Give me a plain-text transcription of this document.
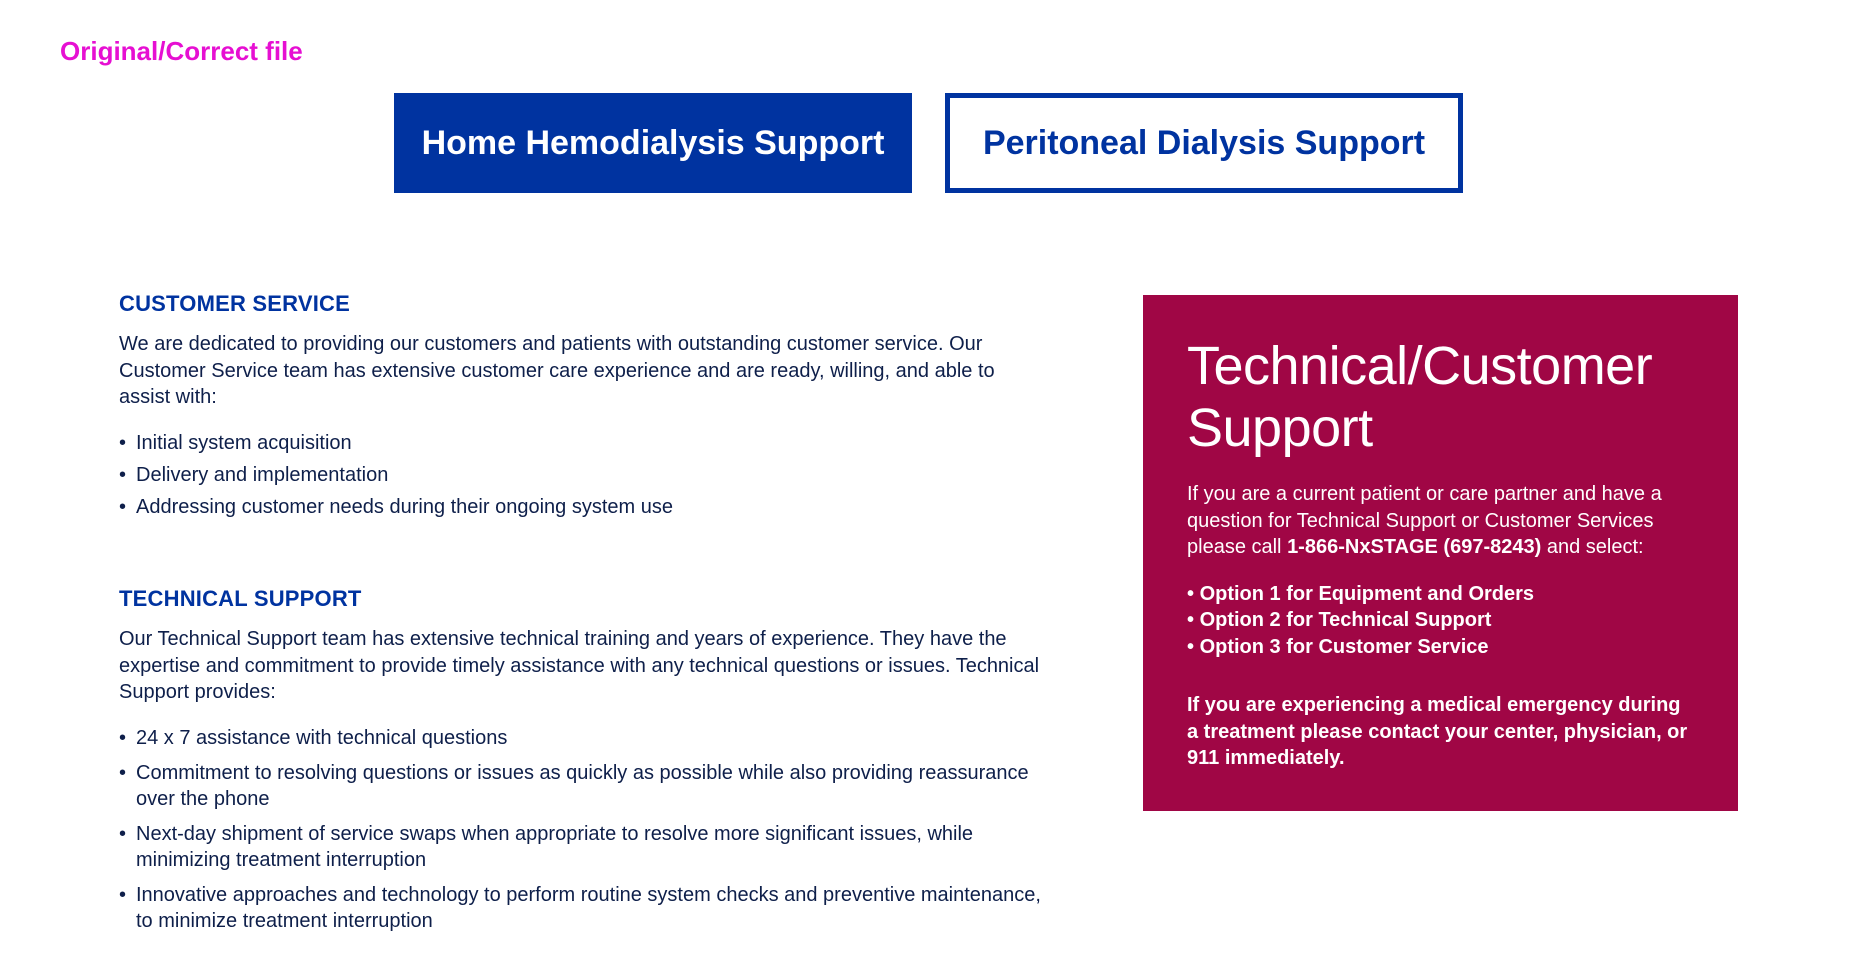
Original/Correct file
Home Hemodialysis Support	Peritoneal Dialysis Support
CUSTOMER SERVICE

We are dedicated to providing our customers and patients with outstanding customer service. Our Customer Service team has extensive customer care experience and are ready, willing, and able to assist with:

• Initial system acquisition
• Delivery and implementation
• Addressing customer needs during their ongoing system use
TECHNICAL SUPPORT

Our Technical Support team has extensive technical training and years of experience. They have the expertise and commitment to provide timely assistance with any technical questions or issues. Technical Support provides:

• 24 x 7 assistance with technical questions
• Commitment to resolving questions or issues as quickly as possible while also providing reassurance over the phone
• Next-day shipment of service swaps when appropriate to resolve more significant issues, while minimizing treatment interruption
• Innovative approaches and technology to perform routine system checks and preventive maintenance, to minimize treatment interruption
Technical/Customer Support

If you are a current patient or care partner and have a question for Technical Support or Customer Services please call 1-866-NxSTAGE (697-8243) and select:

• Option 1 for Equipment and Orders
• Option 2 for Technical Support
• Option 3 for Customer Service

If you are experiencing a medical emergency during a treatment please contact your center, physician, or 911 immediately.
